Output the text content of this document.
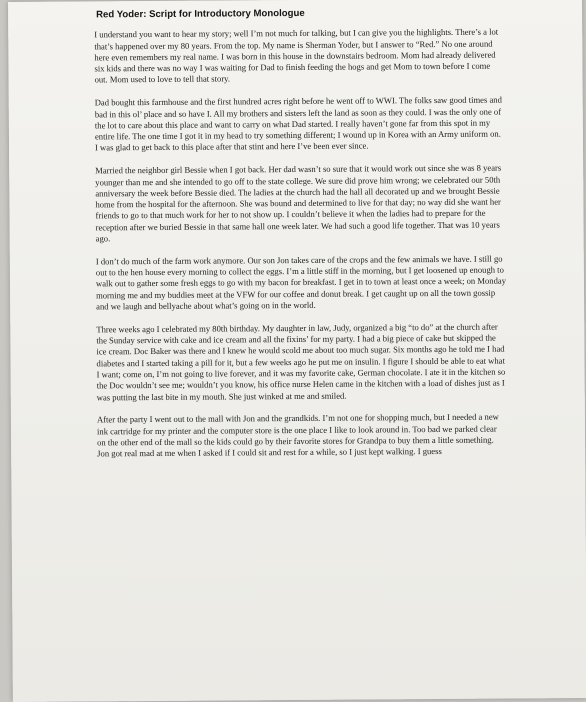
Red Yoder: Script for Introductory Monologue

I understand you want to hear my story; well I’m not much for talking, but I can give you the highlights. There’s a lot that’s happened over my 80 years. From the top. My name is Sherman Yoder, but I answer to “Red.” No one around here even remembers my real name. I was born in this house in the downstairs bedroom. Mom had already delivered six kids and there was no way I was waiting for Dad to finish feeding the hogs and get Mom to town before I come out. Mom used to love to tell that story.

Dad bought this farmhouse and the first hundred acres right before he went off to WWI. The folks saw good times and bad in this ol’ place and so have I. All my brothers and sisters left the land as soon as they could. I was the only one of the lot to care about this place and want to carry on what Dad started. I really haven’t gone far from this spot in my entire life. The one time I got it in my head to try something different; I wound up in Korea with an Army uniform on. I was glad to get back to this place after that stint and here I’ve been ever since.

Married the neighbor girl Bessie when I got back. Her dad wasn’t so sure that it would work out since she was 8 years younger than me and she intended to go off to the state college. We sure did prove him wrong; we celebrated our 50th anniversary the week before Bessie died. The ladies at the church had the hall all decorated up and we brought Bessie home from the hospital for the afternoon. She was bound and determined to live for that day; no way did she want her friends to go to that much work for her to not show up. I couldn’t believe it when the ladies had to prepare for the reception after we buried Bessie in that same hall one week later. We had such a good life together. That was 10 years ago.

I don’t do much of the farm work anymore. Our son Jon takes care of the crops and the few animals we have. I still go out to the hen house every morning to collect the eggs. I’m a little stiff in the morning, but I get loosened up enough to walk out to gather some fresh eggs to go with my bacon for breakfast. I get in to town at least once a week; on Monday morning me and my buddies meet at the VFW for our coffee and donut break. I get caught up on all the town gossip and we laugh and bellyache about what’s going on in the world.

Three weeks ago I celebrated my 80th birthday. My daughter in law, Judy, organized a big “to do” at the church after the Sunday service with cake and ice cream and all the fixins’ for my party. I had a big piece of cake but skipped the ice cream. Doc Baker was there and I knew he would scold me about too much sugar. Six months ago he told me I had diabetes and I started taking a pill for it, but a few weeks ago he put me on insulin. I figure I should be able to eat what I want; come on, I’m not going to live forever, and it was my favorite cake, German chocolate. I ate it in the kitchen so the Doc wouldn’t see me; wouldn’t you know, his office nurse Helen came in the kitchen with a load of dishes just as I was putting the last bite in my mouth. She just winked at me and smiled.

After the party I went out to the mall with Jon and the grandkids. I’m not one for shopping much, but I needed a new ink cartridge for my printer and the computer store is the one place I like to look around in. Too bad we parked clear on the other end of the mall so the kids could go by their favorite stores for Grandpa to buy them a little something. Jon got real mad at me when I asked if I could sit and rest for a while, so I just kept walking. I guess
